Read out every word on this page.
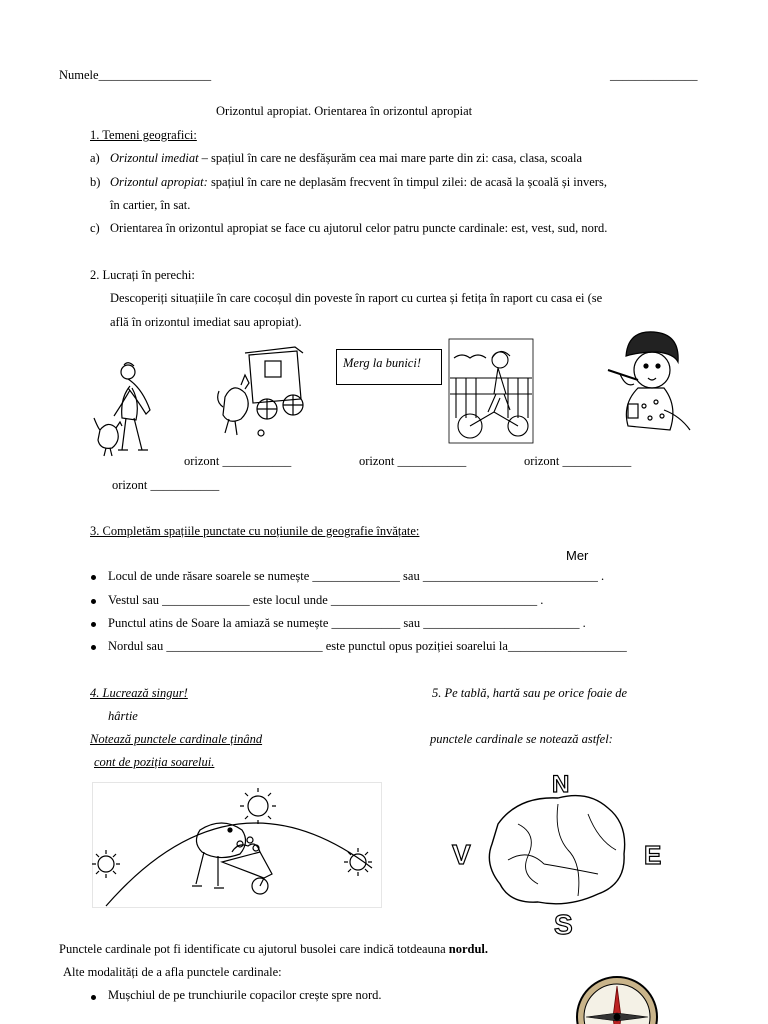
Numele__________________	______________
Orizontul apropiat. Orientarea în orizontul apropiat
1. Temeni geografici:
a) Orizontul imediat – spațiul în care ne desfășurăm cea mai mare parte din zi: casa, clasa, scoala
b) Orizontul apropiat: spațiul în care ne deplasăm frecvent în timpul zilei: de acasă la școală și invers,
în cartier, în sat.
c) Orientarea în orizontul apropiat se face cu ajutorul celor patru puncte cardinale: est, vest, sud, nord.
2. Lucrați în perechi:
Descoperiți situațiile în care cocoșul din poveste în raport cu curtea și fetița în raport cu casa ei (se
află în orizontul imediat sau apropiat).
Merg la bunici!
orizont ___________	orizont ___________	orizont ___________
orizont ___________
3. Completăm spațiile punctate cu noțiunile de geografie învățate:
Mer
Locul de unde răsare soarele se numește ______________ sau ____________________________ .
Vestul sau ______________ este locul unde _________________________________ .
Punctul atins de Soare la amiază se numește ___________ sau _________________________ .
Nordul sau _________________________ este punctul opus poziției soarelui la___________________
4. Lucrează singur!
hârtie
Notează punctele cardinale ținând
cont de poziția soarelui.
5. Pe tablă, hartă sau pe orice foaie de
punctele cardinale se notează astfel:
N
V	E
S
Punctele cardinale pot fi identificate cu ajutorul busolei care indică totdeauna nordul.
Alte modalități de a afla punctele cardinale:
Mușchiul de pe trunchiurile copacilor crește spre nord.
